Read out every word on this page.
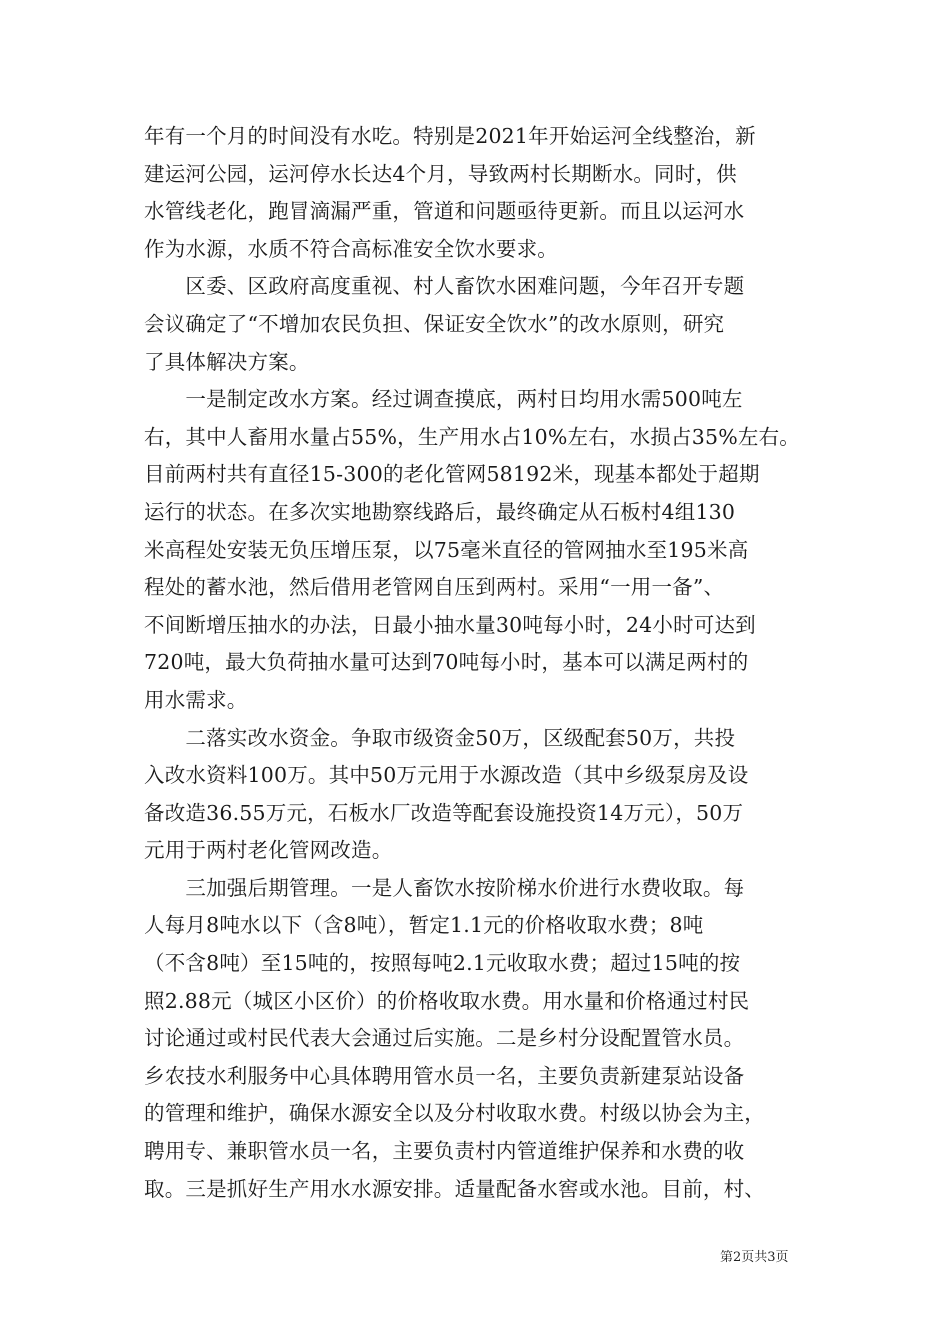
年有一个月的时间没有水吃。特别是2021年开始运河全线整治，新
建运河公园，运河停水长达4个月，导致两村长期断水。同时，供
水管线老化，跑冒滴漏严重，管道和问题亟待更新。而且以运河水
作为水源，水质不符合高标准安全饮水要求。
　　区委、区政府高度重视、村人畜饮水困难问题，今年召开专题
会议确定了“不增加农民负担、保证安全饮水”的改水原则，研究
了具体解决方案。
　　一是制定改水方案。经过调查摸底，两村日均用水需500吨左
右，其中人畜用水量占55%，生产用水占10%左右，水损占35%左右。
目前两村共有直径15-300的老化管网58192米，现基本都处于超期
运行的状态。在多次实地勘察线路后，最终确定从石板村4组130
米高程处安装无负压增压泵，以75毫米直径的管网抽水至195米高
程处的蓄水池，然后借用老管网自压到两村。采用“一用一备”、
不间断增压抽水的办法，日最小抽水量30吨每小时，24小时可达到
720吨，最大负荷抽水量可达到70吨每小时，基本可以满足两村的
用水需求。
　　二落实改水资金。争取市级资金50万，区级配套50万，共投
入改水资料100万。其中50万元用于水源改造（其中乡级泵房及设
备改造36.55万元，石板水厂改造等配套设施投资14万元），50万
元用于两村老化管网改造。
　　三加强后期管理。一是人畜饮水按阶梯水价进行水费收取。每
人每月8吨水以下（含8吨），暂定1.1元的价格收取水费；8吨
（不含8吨）至15吨的，按照每吨2.1元收取水费；超过15吨的按
照2.88元（城区小区价）的价格收取水费。用水量和价格通过村民
讨论通过或村民代表大会通过后实施。二是乡村分设配置管水员。
乡农技水利服务中心具体聘用管水员一名，主要负责新建泵站设备
的管理和维护，确保水源安全以及分村收取水费。村级以协会为主，
聘用专、兼职管水员一名，主要负责村内管道维护保养和水费的收
取。三是抓好生产用水水源安排。适量配备水窖或水池。目前，村、
第2页共3页
